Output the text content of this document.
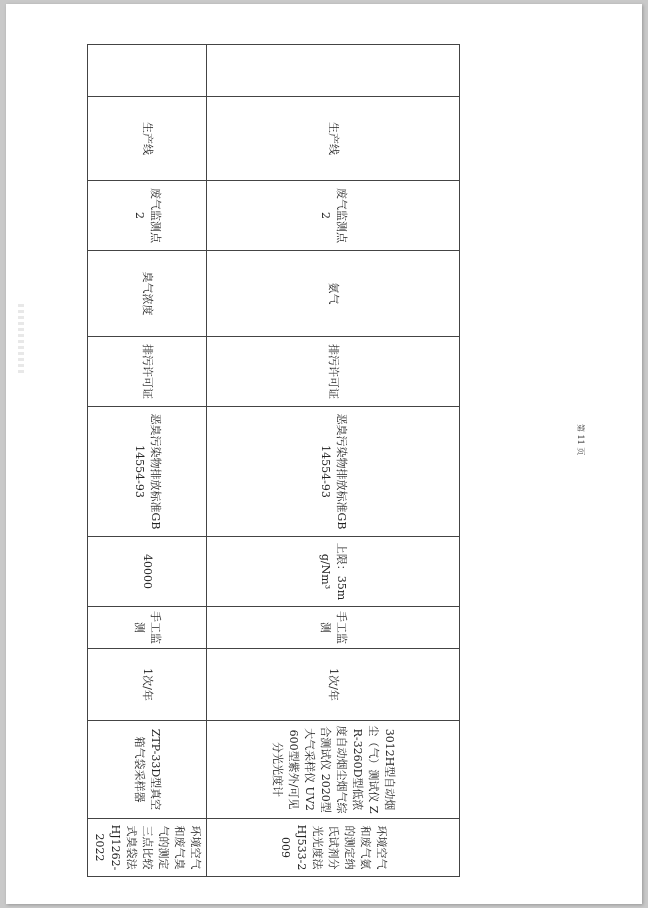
	生产线	废气监测点2	氨气	排污许可证	恶臭污染物排放标准GB14554-93	上限：35mg/Nm³	手工监测	1次/年	3012H型自动烟尘（气）测试仪 ZR-3260D型低浓度自动烟尘烟气综合测试仪 2020型大气采样仪 UV2600型紫外/可见分光光度计	环境空气和废气氨的测定纳氏试剂分光光度法 HJ533-2009
	生产线	废气监测点2	臭气浓度	排污许可证	恶臭污染物排放标准GB14554-93	40000	手工监测	1次/年	ZTP-33D型真空箱气袋采样器	环境空气和废气臭气的测定三点比较式臭袋法 HJ1262-2022
第 11 页
